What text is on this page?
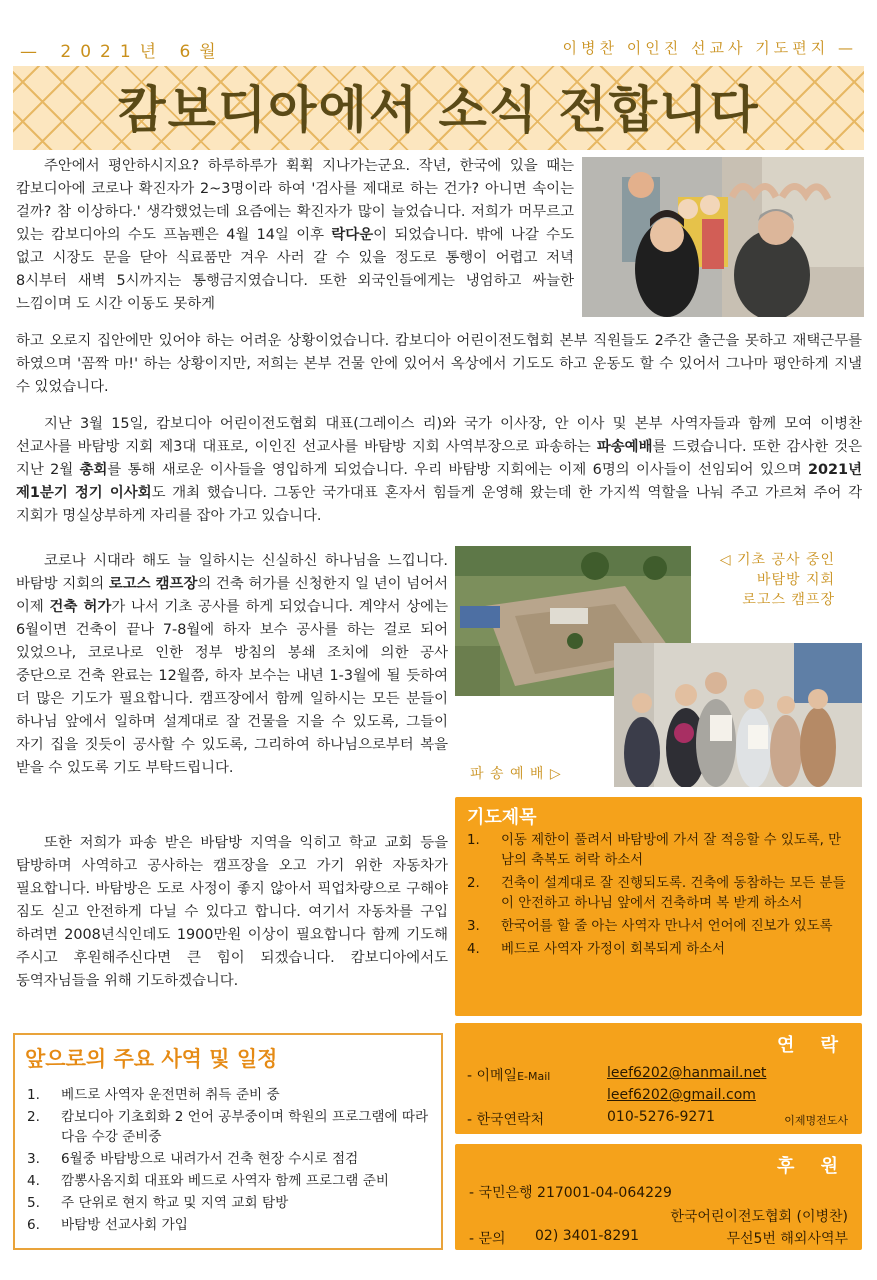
— 2021년 6월	이병찬 이인진 선교사 기도편지 —
캄보디아에서 소식 전합니다
주안에서 평안하시지요? 하루하루가 휙휙 지나가는군요. 작년, 한국에 있을 때는 캄보디아에 코로나 확진자가 2~3명이라 하여 '검사를 제대로 하는 건가? 아니면 속이는 걸까? 참 이상하다.' 생각했었는데 요즘에는 확진자가 많이 늘었습니다. 저희가 머무르고 있는 캄보디아의 수도 프놈펜은 4월 14일 이후 락다운이 되었습니다. 밖에 나갈 수도 없고 시장도 문을 닫아 식료품만 겨우 사러 갈 수 있을 정도로 통행이 어렵고 저녁 8시부터 새벽 5시까지는 통행금지였습니다. 또한 외국인들에게는 냉엄하고 싸늘한 느낌이며 도 시간 이동도 못하게
하고 오로지 집안에만 있어야 하는 어려운 상황이었습니다. 캄보디아 어린이전도협회 본부 직원들도 2주간 출근을 못하고 재택근무를 하였으며 '꼼짝 마!' 하는 상황이지만, 저희는 본부 건물 안에 있어서 옥상에서 기도도 하고 운동도 할 수 있어서 그나마 평안하게 지낼 수 있었습니다.
지난 3월 15일, 캄보디아 어린이전도협회 대표(그레이스 리)와 국가 이사장, 안 이사 및 본부 사역자들과 함께 모여 이병찬 선교사를 바탐방 지회 제3대 대표로, 이인진 선교사를 바탐방 지회 사역부장으로 파송하는 파송예배를 드렸습니다. 또한 감사한 것은 지난 2월 총회를 통해 새로운 이사들을 영입하게 되었습니다. 우리 바탐방 지회에는 이제 6명의 이사들이 선임되어 있으며 2021년 제1분기 정기 이사회도 개최 했습니다. 그동안 국가대표 혼자서 힘들게 운영해 왔는데 한 가지씩 역할을 나눠 주고 가르쳐 주어 각 지회가 명실상부하게 자리를 잡아 가고 있습니다.
코로나 시대라 해도 늘 일하시는 신실하신 하나님을 느낍니다. 바탐방 지회의 로고스 캠프장의 건축 허가를 신청한지 일 년이 넘어서 이제 건축 허가가 나서 기초 공사를 하게 되었습니다. 계약서 상에는 6월이면 건축이 끝나 7-8월에 하자 보수 공사를 하는 걸로 되어 있었으나, 코로나로 인한 정부 방침의 봉쇄 조치에 의한 공사 중단으로 건축 완료는 12월쯤, 하자 보수는 내년 1-3월에 될 듯하여 더 많은 기도가 필요합니다. 캠프장에서 함께 일하시는 모든 분들이 하나님 앞에서 일하며 설계대로 잘 건물을 지을 수 있도록, 그들이 자기 집을 짓듯이 공사할 수 있도록, 그리하여 하나님으로부터 복을 받을 수 있도록 기도 부탁드립니다.
또한 저희가 파송 받은 바탐방 지역을 익히고 학교 교회 등을 탐방하며 사역하고 공사하는 캠프장을 오고 가기 위한 자동차가 필요합니다. 바탐방은 도로 사정이 좋지 않아서 픽업차량으로 구해야 짐도 싣고 안전하게 다닐 수 있다고 합니다. 여기서 자동차를 구입 하려면 2008년식인데도 1900만원 이상이 필요합니다 함께 기도해 주시고 후원해주신다면 큰 힘이 되겠습니다. 캄보디아에서도 동역자님들을 위해 기도하겠습니다.
◁ 기초 공사 중인
바탐방 지회
로고스 캠프장
파 송 예 배 ▷
기도제목
1. 이동 제한이 풀려서 바탐방에 가서 잘 적응할 수 있도록, 만남의 축복도 허락 하소서
2. 건축이 설계대로 잘 진행되도록. 건축에 동참하는 모든 분들이 안전하고 하나님 앞에서 건축하며 복 받게 하소서
3. 한국어를 할 줄 아는 사역자 만나서 언어에 진보가 있도록
4. 베드로 사역자 가정이 회복되게 하소서
앞으로의 주요 사역 및 일정
1. 베드로 사역자 운전면허 취득 준비 중
2. 캄보디아 기초회화 2 언어 공부중이며 학원의 프로그램에 따라 다음 수강 준비중
3. 6월중 바탐방으로 내려가서 건축 현장 수시로 점검
4. 깜뽕사옴지회 대표와 베드로 사역자 함께 프로그램 준비
5. 주 단위로 현지 학교 및 지역 교회 탐방
6. 바탐방 선교사회 가입
연 락
- 이메일E-Mail	leef6202@hanmail.net
leef6202@gmail.com
- 한국연락처	010-5276-9271	이제명전도사
후 원
- 국민은행 217001-04-064229
한국어린이전도협회 (이병찬)
- 문의 02) 3401-8291	무선5번 해외사역부
